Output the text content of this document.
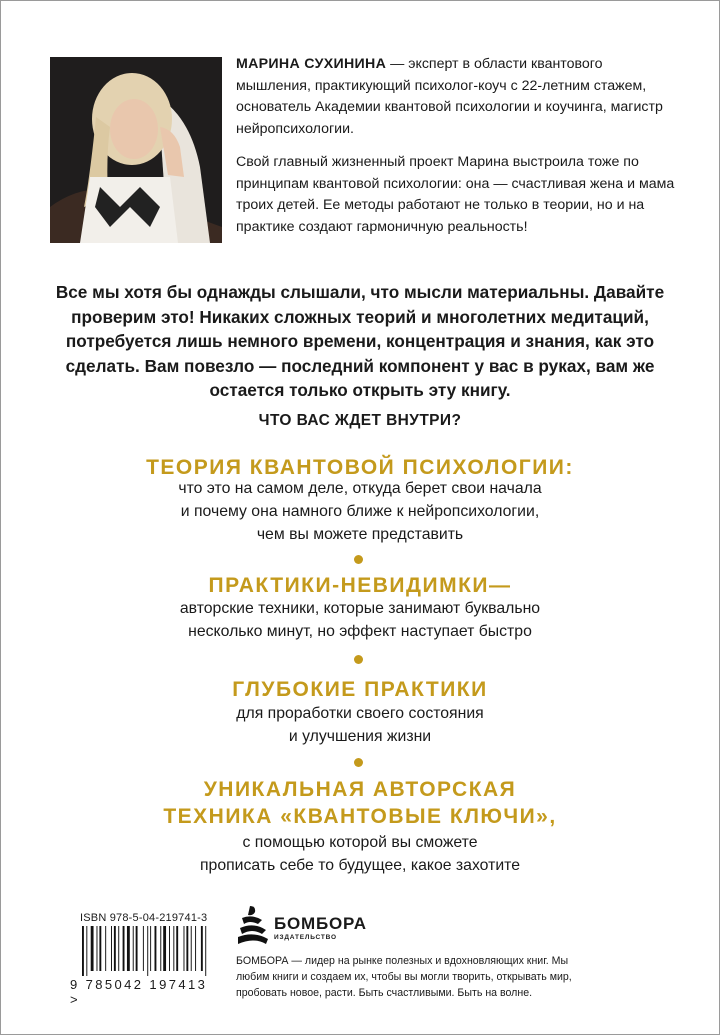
МАРИНА СУХИНИНА — эксперт в области квантового мышления, практикующий психолог-коуч с 22-летним стажем, основатель Академии квантовой психологии и коучинга, магистр нейропсихологии.

Свой главный жизненный проект Марина выстроила тоже по принципам квантовой психологии: она — счастливая жена и мама троих детей. Ее методы работают не только в теории, но и на практике создают гармоничную реальность!

Все мы хотя бы однажды слышали, что мысли материальны. Давайте проверим это! Никаких сложных теорий и многолетних медитаций, потребуется лишь немного времени, концентрация и знания, как это сделать. Вам повезло — последний компонент у вас в руках, вам же остается только открыть эту книгу.
ЧТО ВАС ЖДЕТ ВНУТРИ?
ТЕОРИЯ КВАНТОВОЙ ПСИХОЛОГИИ:
что это на самом деле, откуда берет свои начала
и почему она намного ближе к нейропсихологии,
чем вы можете представить
ПРАКТИКИ-НЕВИДИМКИ—
авторские техники, которые занимают буквально
несколько минут, но эффект наступает быстро
ГЛУБОКИЕ ПРАКТИКИ
для проработки своего состояния
и улучшения жизни
УНИКАЛЬНАЯ АВТОРСКАЯ
ТЕХНИКА «КВАНТОВЫЕ КЛЮЧИ»,
с помощью которой вы сможете
прописать себе то будущее, какое захотите
ISBN 978-5-04-219741-3
9 785042 197413 >
БОМБОРА
ИЗДАТЕЛЬСТВО
БОМБОРА — лидер на рынке полезных и вдохновляющих книг. Мы любим книги и создаем их, чтобы вы могли творить, открывать мир, пробовать новое, расти. Быть счастливыми. Быть на волне.
